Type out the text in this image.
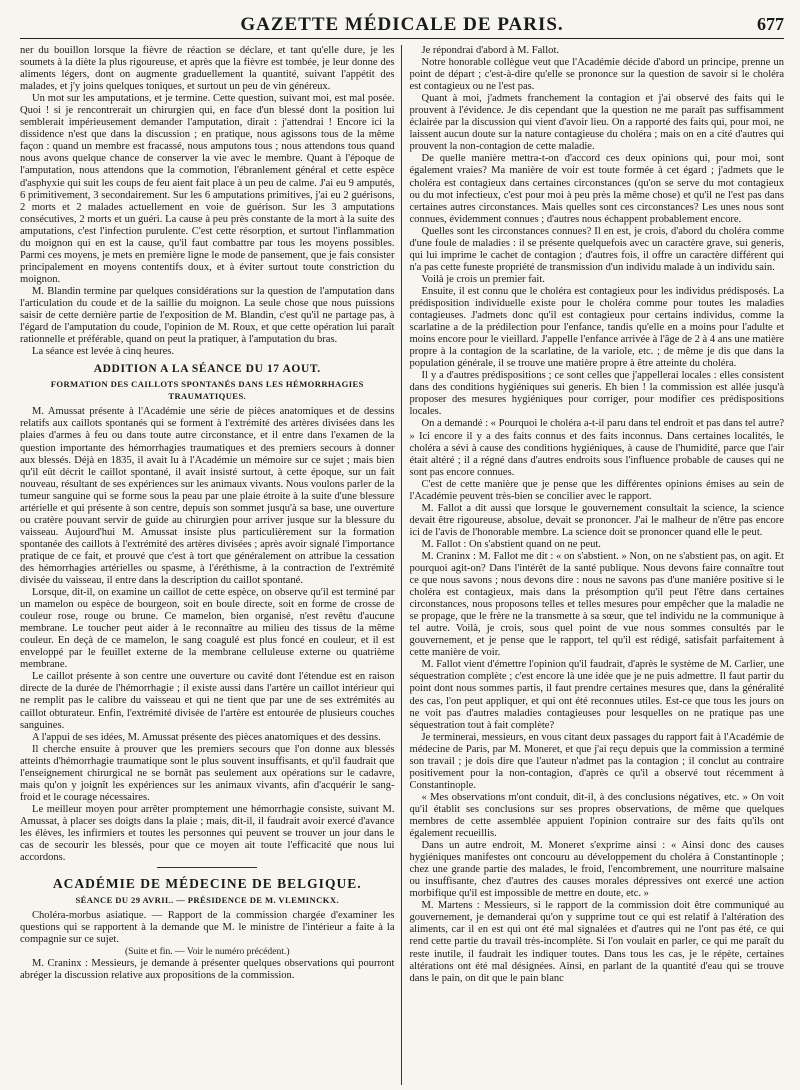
GAZETTE MÉDICALE DE PARIS.	677

ner du bouillon lorsque la fièvre de réaction se déclare, et tant qu'elle dure, je les soumets à la diète la plus rigoureuse, et après que la fièvre est tombée, je leur donne des aliments légers, dont on augmente graduellement la quantité, suivant l'appétit des malades, et j'y joins quelques toniques, et surtout un peu de vin généreux.

Un mot sur les amputations, et je termine. Cette question, suivant moi, est mal posée. Quoi ! si je rencontrerait un chirurgien qui, en face d'un blessé dont la position lui semblerait impérieusement demander l'amputation, dirait : j'attendrai ! Encore ici la dissidence n'est que dans la discussion ; en pratique, nous agissons tous de la même façon : quand un membre est fracassé, nous amputons tous ; nous attendons tous quand nous avons quelque chance de conserver la vie avec le membre. Quant à l'époque de l'amputation, nous attendons que la commotion, l'ébranlement général et cette espèce d'asphyxie qui suit les coups de feu aient fait place à un peu de calme. J'ai eu 9 amputés, 6 primitivement, 3 secondairement. Sur les 6 amputations primitives, j'ai eu 2 guérisons, 2 morts et 2 malades actuellement en voie de guérison. Sur les 3 amputations consécutives, 2 morts et un guéri. La cause à peu près constante de la mort à la suite des amputations, c'est l'infection purulente. C'est cette résorption, et surtout l'inflammation du moignon qui en est la cause, qu'il faut combattre par tous les moyens possibles. Parmi ces moyens, je mets en première ligne le mode de pansement, que je fais consister principalement en moyens contentifs doux, et à éviter surtout toute constriction du moignon.

M. Blandin termine par quelques considérations sur la question de l'amputation dans l'articulation du coude et de la saillie du moignon. La seule chose que nous puissions saisir de cette dernière partie de l'exposition de M. Blandin, c'est qu'il ne partage pas, à l'égard de l'amputation du coude, l'opinion de M. Roux, et que cette opération lui paraît rationnelle et préférable, quand on peut la pratiquer, à l'amputation du bras.

La séance est levée à cinq heures.

ADDITION A LA SÉANCE DU 17 AOUT.
FORMATION DES CAILLOTS SPONTANÉS DANS LES HÉMORRHAGIES TRAUMATIQUES.

M. Amussat présente à l'Académie une série de pièces anatomiques et de dessins relatifs aux caillots spontanés qui se forment à l'extrémité des artères divisées dans les plaies d'armes à feu ou dans toute autre circonstance, et il entre dans l'examen de la question importante des hémorrhagies traumatiques et des premiers secours à donner aux blessés. Déjà en 1835, il avait lu à l'Académie un mémoire sur ce sujet ; mais bien qu'il eût décrit le caillot spontané, il avait insisté surtout, à cette époque, sur un fait nouveau, résultant de ses expériences sur les animaux vivants. Nous voulons parler de la tumeur sanguine qui se forme sous la peau par une plaie étroite à la suite d'une blessure artérielle et qui présente à son centre, depuis son sommet jusqu'à sa base, une ouverture ou cratère pouvant servir de guide au chirurgien pour arriver jusque sur la blessure du vaisseau. Aujourd'hui M. Amussat insiste plus particulièrement sur la formation spontanée des caillots à l'extrémité des artères divisées ; après avoir signalé l'importance pratique de ce fait, et prouvé que c'est à tort que généralement on attribue la cessation des hémorrhagies artérielles ou spasme, à l'éréthisme, à la contraction de l'extrémité divisée du vaisseau, il entre dans la description du caillot spontané.

Lorsque, dit-il, on examine un caillot de cette espèce, on observe qu'il est terminé par un mamelon ou espèce de bourgeon, soit en boule directe, soit en forme de crosse de couleur rose, rouge ou brune. Ce mamelon, bien organisé, n'est revêtu d'aucune membrane. Le toucher peut aider à le reconnaître au milieu des tissus de la même couleur. En deçà de ce mamelon, le sang coagulé est plus foncé en couleur, et il est enveloppé par le feuillet externe de la membrane celluleuse externe ou quatrième membrane.

Le caillot présente à son centre une ouverture ou cavité dont l'étendue est en raison directe de la durée de l'hémorrhagie ; il existe aussi dans l'artère un caillot intérieur qui ne remplit pas le calibre du vaisseau et qui ne tient que par une de ses extrémités au caillot obturateur. Enfin, l'extrémité divisée de l'artère est entourée de plusieurs couches sanguines.

A l'appui de ses idées, M. Amussat présente des pièces anatomiques et des dessins.

Il cherche ensuite à prouver que les premiers secours que l'on donne aux blessés atteints d'hémorrhagie traumatique sont le plus souvent insuffisants, et qu'il faudrait que l'enseignement chirurgical ne se bornât pas seulement aux opérations sur le cadavre, mais qu'on y joignît les expériences sur les animaux vivants, afin d'acquérir le sang-froid et le courage nécessaires.

Le meilleur moyen pour arrêter promptement une hémorrhagie consiste, suivant M. Amussat, à placer ses doigts dans la plaie ; mais, dit-il, il faudrait avoir exercé d'avance les élèves, les infirmiers et toutes les personnes qui peuvent se trouver un jour dans le cas de secourir les blessés, pour que ce moyen ait toute l'efficacité que nous lui accordons.

ACADÉMIE DE MÉDECINE DE BELGIQUE.
SÉANCE DU 29 AVRIL. — PRÉSIDENCE DE M. VLEMINCKX.

Choléra-morbus asiatique. — Rapport de la commission chargée d'examiner les questions qui se rapportent à la demande que M. le ministre de l'intérieur a faite à la compagnie sur ce sujet.

(Suite et fin. — Voir le numéro précédent.)

M. Craninx : Messieurs, je demande à présenter quelques observations qui pourront abréger la discussion relative aux propositions de la commission.

Je répondrai d'abord à M. Fallot.

Notre honorable collègue veut que l'Académie décide d'abord un principe, prenne un point de départ ; c'est-à-dire qu'elle se prononce sur la question de savoir si le choléra est contagieux ou ne l'est pas.

Quant à moi, j'admets franchement la contagion et j'ai observé des faits qui le prouvent à l'évidence. Je dis cependant que la question ne me paraît pas suffisamment éclairée par la discussion qui vient d'avoir lieu. On a rapporté des faits qui, pour moi, ne laissent aucun doute sur la nature contagieuse du choléra ; mais on en a cité d'autres qui prouvent la non-contagion de cette maladie.

De quelle manière mettra-t-on d'accord ces deux opinions qui, pour moi, sont également vraies? Ma manière de voir est toute formée à cet égard ; j'admets que le choléra est contagieux dans certaines circonstances (qu'on se serve du mot contagieux ou du mot infectieux, c'est pour moi à peu près la même chose) et qu'il ne l'est pas dans certaines autres circonstances. Mais quelles sont ces circonstances? Les unes nous sont connues, évidemment connues ; d'autres nous échappent probablement encore.

Quelles sont les circonstances connues? Il en est, je crois, d'abord du choléra comme d'une foule de maladies : il se présente quelquefois avec un caractère grave, sui generis, qui lui imprime le cachet de contagion ; d'autres fois, il offre un caractère différent qui n'a pas cette funeste propriété de transmission d'un individu malade à un individu sain.

Voilà je crois un premier fait.

Ensuite, il est connu que le choléra est contagieux pour les individus prédisposés. La prédisposition individuelle existe pour le choléra comme pour toutes les maladies contagieuses. J'admets donc qu'il est contagieux pour certains individus, comme la scarlatine a de la prédilection pour l'enfance, tandis qu'elle en a moins pour l'adulte et moins encore pour le vieillard. J'appelle l'enfance arrivée à l'âge de 2 à 4 ans une matière propre à la contagion de la scarlatine, de la variole, etc. ; de même je dis que dans la population générale, il se trouve une matière propre à être atteinte du choléra.

Il y a d'autres prédispositions ; ce sont celles que j'appellerai locales : elles consistent dans des conditions hygiéniques sui generis. Eh bien ! la commission est allée jusqu'à proposer des mesures hygiéniques pour corriger, pour modifier ces prédispositions locales.

On a demandé : « Pourquoi le choléra a-t-il paru dans tel endroit et pas dans tel autre? » Ici encore il y a des faits connus et des faits inconnus. Dans certaines localités, le choléra a sévi à cause des conditions hygiéniques, à cause de l'humidité, parce que l'air était altéré ; il a régné dans d'autres endroits sous l'influence probable de causes qui ne sont pas encore connues.

C'est de cette manière que je pense que les différentes opinions émises au sein de l'Académie peuvent très-bien se concilier avec le rapport.

M. Fallot a dit aussi que lorsque le gouvernement consultait la science, la science devait être rigoureuse, absolue, devait se prononcer. J'ai le malheur de n'être pas encore ici de l'avis de l'honorable membre. La science doit se prononcer quand elle le peut.

M. Fallot : On s'abstient quand on ne peut.

M. Craninx : M. Fallot me dit : « on s'abstient. » Non, on ne s'abstient pas, on agit. Et pourquoi agit-on? Dans l'intérêt de la santé publique. Nous devons faire connaître tout ce que nous savons ; nous devons dire : nous ne savons pas d'une manière positive si le choléra est contagieux, mais dans la présomption qu'il peut l'être dans certaines circonstances, nous proposons telles et telles mesures pour empêcher que la maladie ne se propage, que le frère ne la transmette à sa sœur, que tel individu ne la communique à tel autre. Voilà, je crois, sous quel point de vue nous sommes consultés par le gouvernement, et je pense que le rapport, tel qu'il est rédigé, satisfait parfaitement à cette manière de voir.

M. Fallot vient d'émettre l'opinion qu'il faudrait, d'après le système de M. Carlier, une séquestration complète ; c'est encore là une idée que je ne puis admettre. Il faut partir du point dont nous sommes partis, il faut prendre certaines mesures que, dans la généralité des cas, l'on peut appliquer, et qui ont été reconnues utiles. Est-ce que tous les jours on ne voit pas d'autres maladies contagieuses pour lesquelles on ne pratique pas une séquestration tout à fait complète?

Je terminerai, messieurs, en vous citant deux passages du rapport fait à l'Académie de médecine de Paris, par M. Moneret, et que j'ai reçu depuis que la commission a terminé son travail ; je dois dire que l'auteur n'admet pas la contagion ; il conclut au contraire positivement pour la non-contagion, d'après ce qu'il a observé tout récemment à Constantinople.

« Mes observations m'ont conduit, dit-il, à des conclusions négatives, etc. » On voit qu'il établit ses conclusions sur ses propres observations, de même que quelques membres de cette assemblée appuient l'opinion contraire sur des faits qu'ils ont également recueillis.

Dans un autre endroit, M. Moneret s'exprime ainsi : « Ainsi donc des causes hygiéniques manifestes ont concouru au développement du choléra à Constantinople ; chez une grande partie des malades, le froid, l'encombrement, une nourriture malsaine ou insuffisante, chez d'autres des causes morales dépressives ont exercé une action morbifique qu'il est impossible de mettre en doute, etc. »

M. Martens : Messieurs, si le rapport de la commission doit être communiqué au gouvernement, je demanderai qu'on y supprime tout ce qui est relatif à l'altération des aliments, car il en est qui ont été mal signalées et d'autres qui ne l'ont pas été, ce qui rend cette partie du travail très-incomplète. Si l'on voulait en parler, ce qui me paraît du reste inutile, il faudrait les indiquer toutes. Dans tous les cas, je le répète, certaines altérations ont été mal désignées. Ainsi, en parlant de la quantité d'eau qui se trouve dans le pain, on dit que le pain blanc
